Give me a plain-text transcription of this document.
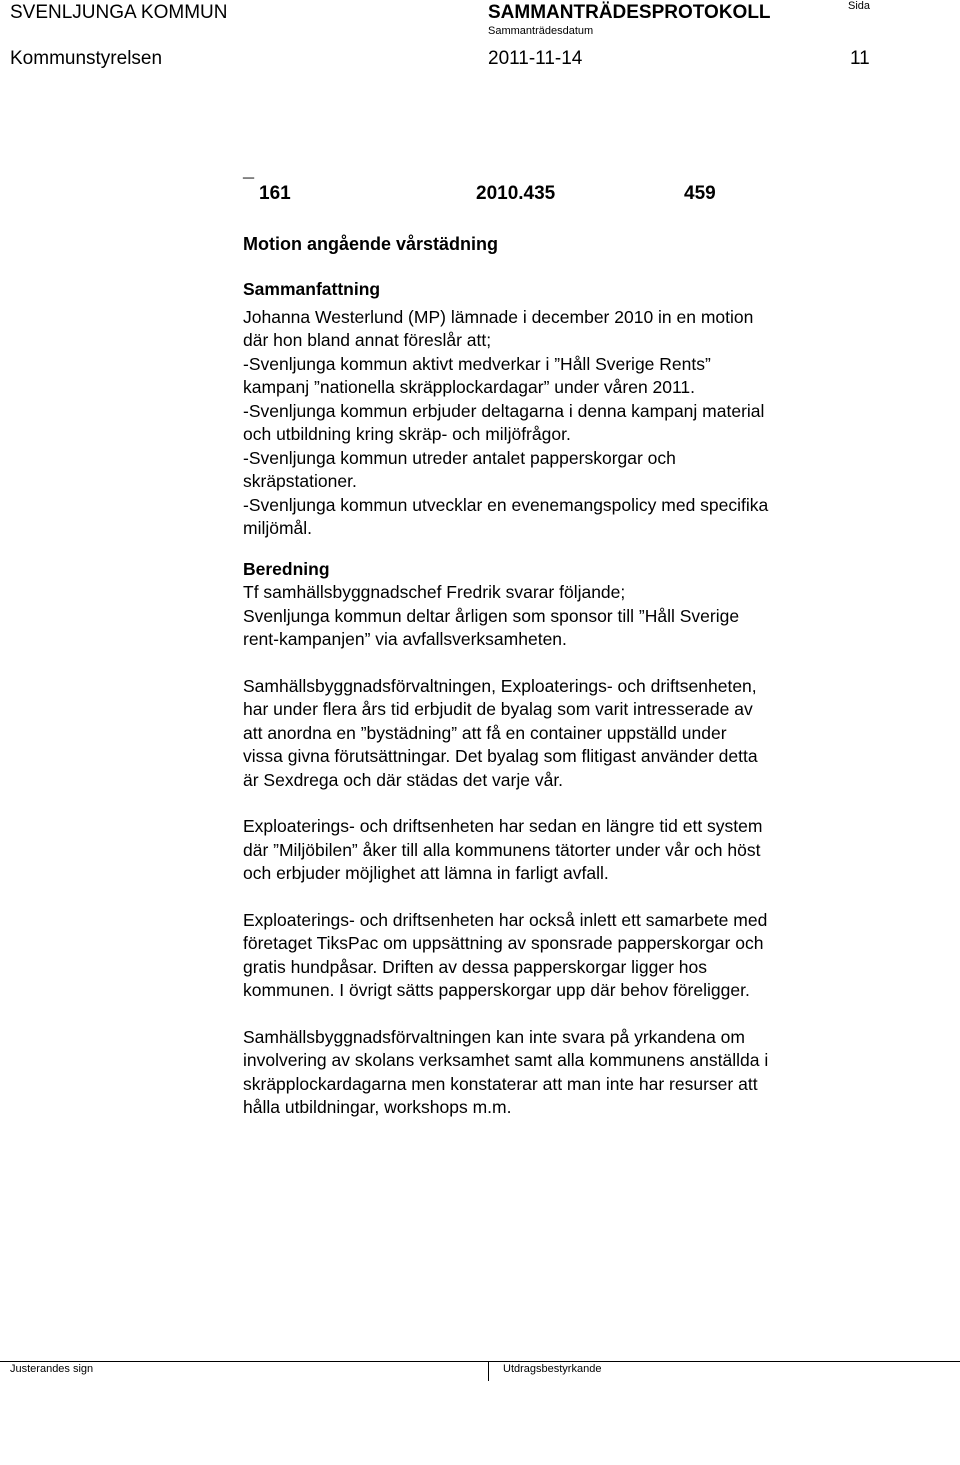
SVENLJUNGA KOMMUN	SAMMANTRÄDESPROTOKOLL
Sammanträdesdatum
Sida
Kommunstyrelsen	2011-11-14	11
¯ 161	2010.435	459
Motion angående vårstädning
Sammanfattning
Johanna Westerlund (MP) lämnade i december 2010 in en motion
där hon bland annat föreslår att;
-Svenljunga kommun aktivt medverkar i ”Håll Sverige Rents”
kampanj ”nationella skräpplockardagar” under våren 2011.
-Svenljunga kommun erbjuder deltagarna i denna kampanj material
och utbildning kring skräp- och miljöfrågor.
-Svenljunga kommun utreder antalet papperskorgar och
skräpstationer.
-Svenljunga kommun utvecklar en evenemangspolicy med specifika
miljömål.
Beredning
Tf samhällsbyggnadschef Fredrik svarar följande;
Svenljunga kommun deltar årligen som sponsor till ”Håll Sverige
rent-kampanjen” via avfallsverksamheten.
Samhällsbyggnadsförvaltningen, Exploaterings- och driftsenheten,
har under flera års tid erbjudit de byalag som varit intresserade av
att anordna en ”bystädning” att få en container uppställd under
vissa givna förutsättningar. Det byalag som flitigast använder detta
är Sexdrega och där städas det varje vår.
Exploaterings- och driftsenheten har sedan en längre tid ett system
där ”Miljöbilen” åker till alla kommunens tätorter under vår och höst
och erbjuder möjlighet att lämna in farligt avfall.
Exploaterings- och driftsenheten har också inlett ett samarbete med
företaget TiksPac om uppsättning av sponsrade papperskorgar och
gratis hundpåsar. Driften av dessa papperskorgar ligger hos
kommunen. I övrigt sätts papperskorgar upp där behov föreligger.
Samhällsbyggnadsförvaltningen kan inte svara på yrkandena om
involvering av skolans verksamhet samt alla kommunens anställda i
skräpplockardagarna men konstaterar att man inte har resurser att
hålla utbildningar, workshops m.m.
Justerandes sign	Utdragsbestyrkande
